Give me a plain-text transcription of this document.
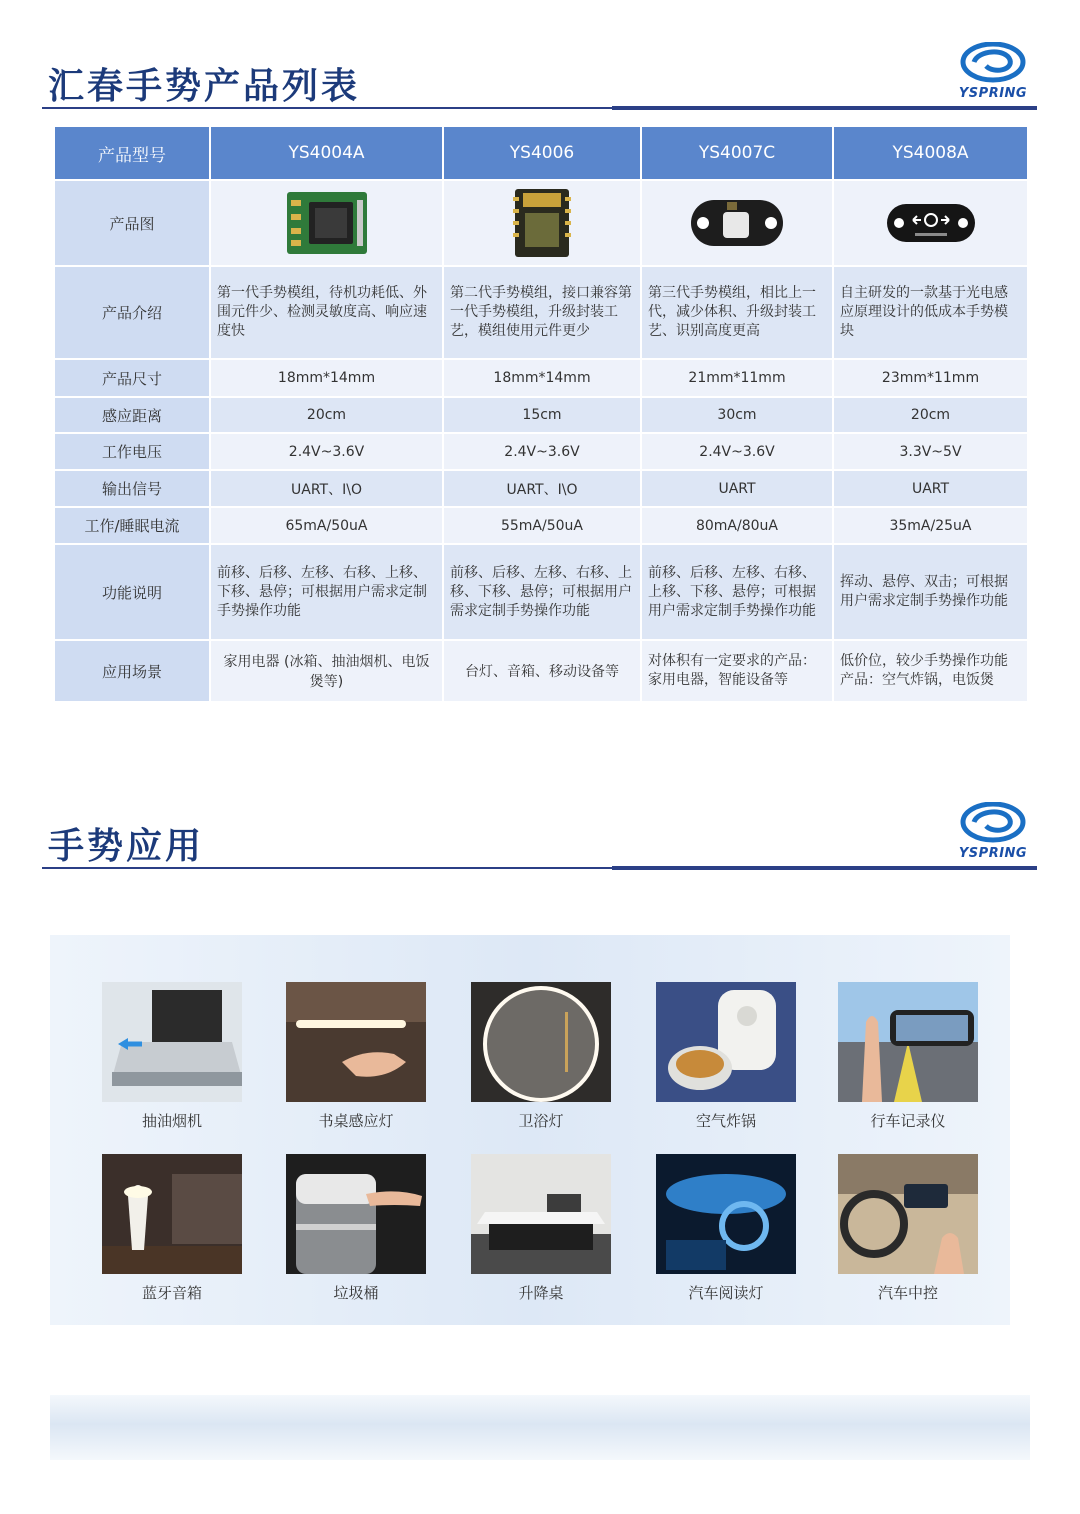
汇春手势产品列表	YSPRING
产品型号	YS4004A	YS4006	YS4007C	YS4008A
产品图				
产品介绍	第一代手势模组，待机功耗低、外围元件少、检测灵敏度高、响应速度快	第二代手势模组，接口兼容第一代手势模组，升级封装工艺，模组使用元件更少	第三代手势模组，相比上一代，减少体积、升级封装工艺、识别高度更高	自主研发的一款基于光电感应原理设计的低成本手势模块
产品尺寸	18mm*14mm	18mm*14mm	21mm*11mm	23mm*11mm
感应距离	20cm	15cm	30cm	20cm
工作电压	2.4V~3.6V	2.4V~3.6V	2.4V~3.6V	3.3V~5V
输出信号	UART、I\O	UART、I\O	UART	UART
工作/睡眠电流	65mA/50uA	55mA/50uA	80mA/80uA	35mA/25uA
功能说明	前移、后移、左移、右移、上移、下移、悬停；可根据用户需求定制手势操作功能	前移、后移、左移、右移、上移、下移、悬停；可根据用户需求定制手势操作功能	前移、后移、左移、右移、上移、下移、悬停；可根据用户需求定制手势操作功能	挥动、悬停、双击；可根据用户需求定制手势操作功能
应用场景	家用电器 (冰箱、抽油烟机、电饭煲等)	台灯、音箱、移动设备等	对体积有一定要求的产品：家用电器，智能设备等	低价位，较少手势操作功能产品：空气炸锅，电饭煲
手势应用	YSPRING
抽油烟机	书桌感应灯	卫浴灯	空气炸锅	行车记录仪
蓝牙音箱	垃圾桶	升降桌	汽车阅读灯	汽车中控
